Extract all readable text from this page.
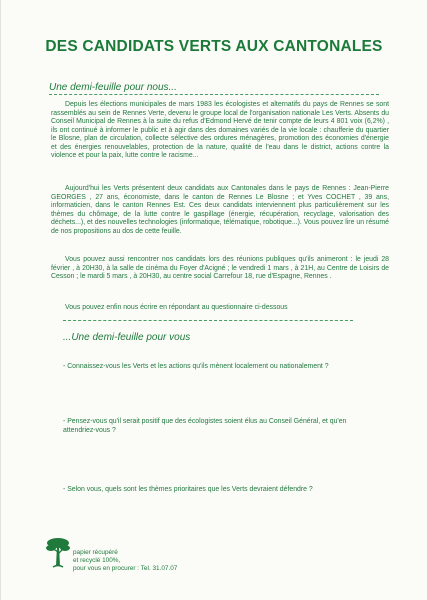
DES CANDIDATS VERTS AUX CANTONALES
Une demi-feuille pour nous...
Depuis les élections municipales de mars 1983 les écologistes et alternatifs du pays de Rennes se sont rassemblés au sein de Rennes Verte, devenu le groupe local de l'organisation nationale Les Verts. Absents du Conseil Municipal de Rennes à la suite du refus d'Edmond Hervé de tenir compte de leurs 4 801 voix (6,2%) , ils ont continué à informer le public et à agir dans des domaines variés de la vie locale : chaufferie du quartier le Blosne, plan de circulation, collecte sélective des ordures ménagères, promotion des économies d'énergie et des énergies renouvelables, protection de la nature, qualité de l'eau dans le district, actions contre la violence et pour la paix, lutte contre le racisme...
Aujourd'hui les Verts présentent deux candidats aux Cantonales dans le pays de Rennes : Jean-Pierre GEORGES , 27 ans, économiste, dans le canton de Rennes Le Blosne ; et Yves COCHET , 39 ans, informaticien, dans le canton Rennes Est. Ces deux candidats interviennent plus particulièrement sur les thèmes du chômage, de la lutte contre le gaspillage (énergie, récupération, recyclage, valorisation des déchets...), et des nouvelles technologies (informatique, télématique, robotique...). Vous pouvez lire un résumé de nos propositions au dos de cette feuille.
Vous pouvez aussi rencontrer nos candidats lors des réunions publiques qu'ils animeront : le jeudi 28 février , à 20H30, à la salle de cinéma du Foyer d'Acigné ; le vendredi 1 mars , à 21H, au Centre de Loisirs de Cesson ; le mardi 5 mars , à 20H30, au centre social Carrefour 18, rue d'Espagne, Rennes .
Vous pouvez enfin nous écrire en répondant au questionnaire ci-dessous
...Une demi-feuille pour vous
- Connaissez-vous les Verts et les actions qu'ils mènent localement ou nationalement ?
- Pensez-vous qu'il serait positif que des écologistes soient élus au Conseil Général, et qu'en attendriez-vous ?
- Selon vous, quels sont les thèmes prioritaires que les Verts devraient défendre ?
papier récupéré
et recyclé 100%,
pour vous en procurer : Tel. 31.07.07
